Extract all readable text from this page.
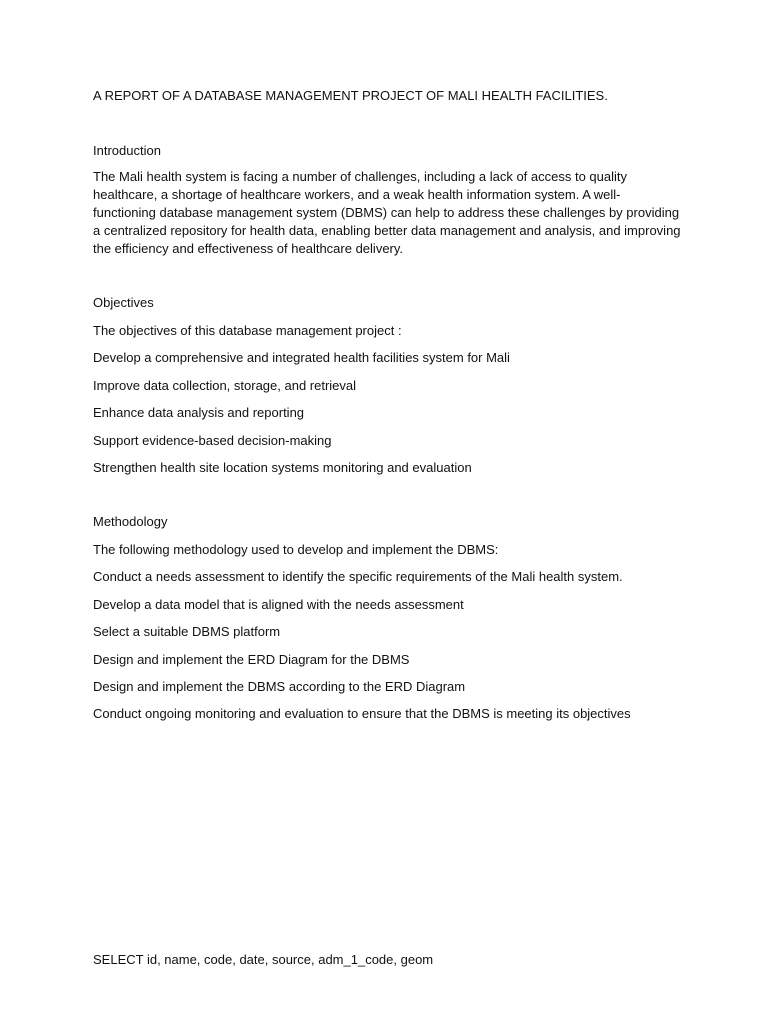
A REPORT OF A DATABASE MANAGEMENT PROJECT OF MALI HEALTH FACILITIES.

Introduction

The Mali health system is facing a number of challenges, including a lack of access to quality healthcare, a shortage of healthcare workers, and a weak health information system. A well-functioning database management system (DBMS) can help to address these challenges by providing a centralized repository for health data, enabling better data management and analysis, and improving the efficiency and effectiveness of healthcare delivery.

Objectives

The objectives of this database management project :

Develop a comprehensive and integrated health facilities system for Mali

Improve data collection, storage, and retrieval

Enhance data analysis and reporting

Support evidence-based decision-making

Strengthen health site location systems monitoring and evaluation

Methodology

The following methodology used to develop and implement the DBMS:

Conduct a needs assessment to identify the specific requirements of the Mali health system.

Develop a data model that is aligned with the needs assessment

Select a suitable DBMS platform

Design and implement the ERD Diagram for the DBMS

Design and implement the DBMS according to the ERD Diagram

Conduct ongoing monitoring and evaluation to ensure that the DBMS is meeting its objectives

SELECT id, name, code, date, source, adm_1_code, geom
